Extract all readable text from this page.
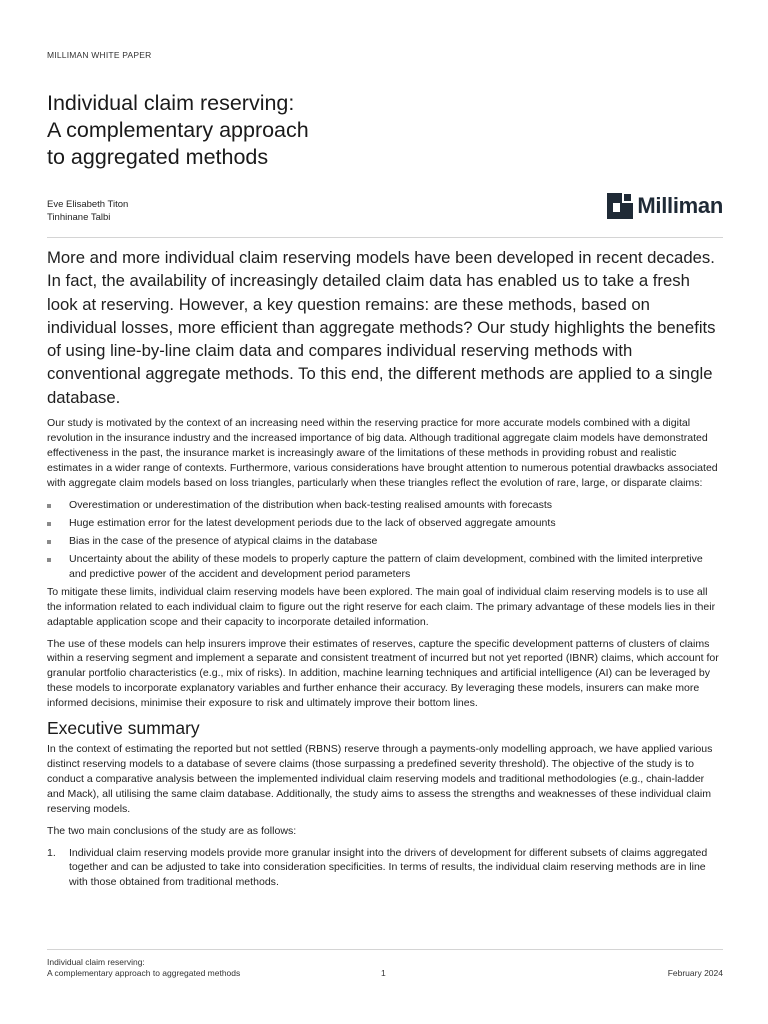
MILLIMAN WHITE PAPER
Individual claim reserving:
A complementary approach
to aggregated methods
Eve Elisabeth Titon
Tinhinane Talbi	Milliman

More and more individual claim reserving models have been developed in recent decades. In fact, the availability of increasingly detailed claim data has enabled us to take a fresh look at reserving. However, a key question remains: are these methods, based on individual losses, more efficient than aggregate methods? Our study highlights the benefits of using line-by-line claim data and compares individual reserving methods with conventional aggregate methods. To this end, the different methods are applied to a single database.

Our study is motivated by the context of an increasing need within the reserving practice for more accurate models combined with a digital revolution in the insurance industry and the increased importance of big data. Although traditional aggregate claim models have demonstrated effectiveness in the past, the insurance market is increasingly aware of the limitations of these methods in providing robust and realistic estimates in a wider range of contexts. Furthermore, various considerations have brought attention to numerous potential drawbacks associated with aggregate claim models based on loss triangles, particularly when these triangles reflect the evolution of rare, large, or disparate claims:

Overestimation or underestimation of the distribution when back-testing realised amounts with forecasts
Huge estimation error for the latest development periods due to the lack of observed aggregate amounts
Bias in the case of the presence of atypical claims in the database
Uncertainty about the ability of these models to properly capture the pattern of claim development, combined with the limited interpretive and predictive power of the accident and development period parameters

To mitigate these limits, individual claim reserving models have been explored. The main goal of individual claim reserving models is to use all the information related to each individual claim to figure out the right reserve for each claim. The primary advantage of these models lies in their adaptable application scope and their capacity to incorporate detailed information.

The use of these models can help insurers improve their estimates of reserves, capture the specific development patterns of clusters of claims within a reserving segment and implement a separate and consistent treatment of incurred but not yet reported (IBNR) claims, which account for granular portfolio characteristics (e.g., mix of risks). In addition, machine learning techniques and artificial intelligence (AI) can be leveraged by these models to incorporate explanatory variables and further enhance their accuracy. By leveraging these models, insurers can make more informed decisions, minimise their exposure to risk and ultimately improve their bottom lines.

Executive summary

In the context of estimating the reported but not settled (RBNS) reserve through a payments-only modelling approach, we have applied various distinct reserving models to a database of severe claims (those surpassing a predefined severity threshold). The objective of the study is to conduct a comparative analysis between the implemented individual claim reserving models and traditional methodologies (e.g., chain-ladder and Mack), all utilising the same claim database. Additionally, the study aims to assess the strengths and weaknesses of these individual claim reserving models.

The two main conclusions of the study are as follows:

1. Individual claim reserving models provide more granular insight into the drivers of development for different subsets of claims aggregated together and can be adjusted to take into consideration specificities. In terms of results, the individual claim reserving methods are in line with those obtained from traditional methods.
Individual claim reserving:
A complementary approach to aggregated methods	1	February 2024
